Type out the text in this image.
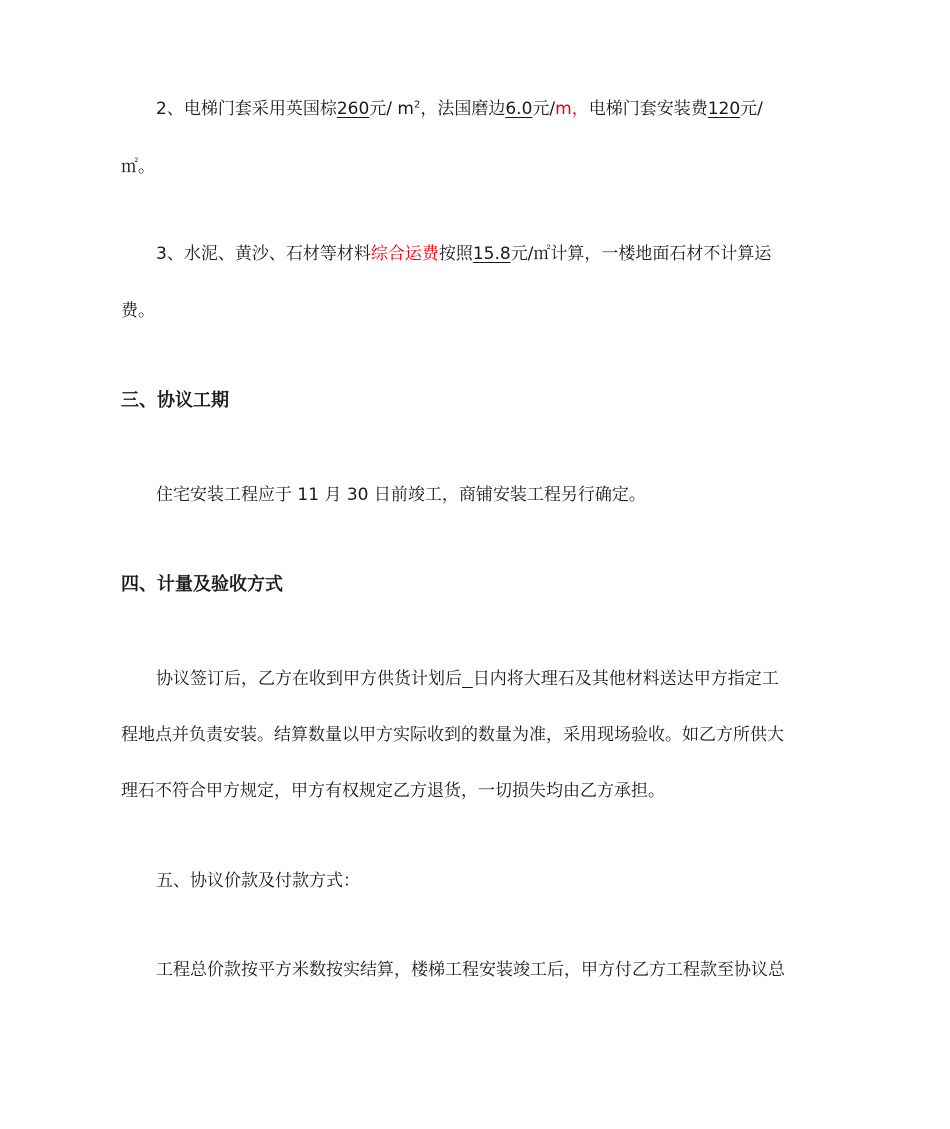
2、电梯门套采用英国棕260元/ $m^2$，法国磨边6.0元/m，电梯门套安装费120元/
㎡。
3、水泥、黄沙、石材等材料综合运费按照15.8元/㎡计算，一楼地面石材不计算运
费。
三、协议工期
住宅安装工程应于 11 月 30 日前竣工，商铺安装工程另行确定。
四、计量及验收方式
协议签订后，乙方在收到甲方供货计划后 日内将大理石及其他材料送达甲方指定工
程地点并负责安装。结算数量以甲方实际收到的数量为准，采用现场验收。如乙方所供大
理石不符合甲方规定，甲方有权规定乙方退货，一切损失均由乙方承担。
五、协议价款及付款方式：
工程总价款按平方米数按实结算，楼梯工程安装竣工后，甲方付乙方工程款至协议总
